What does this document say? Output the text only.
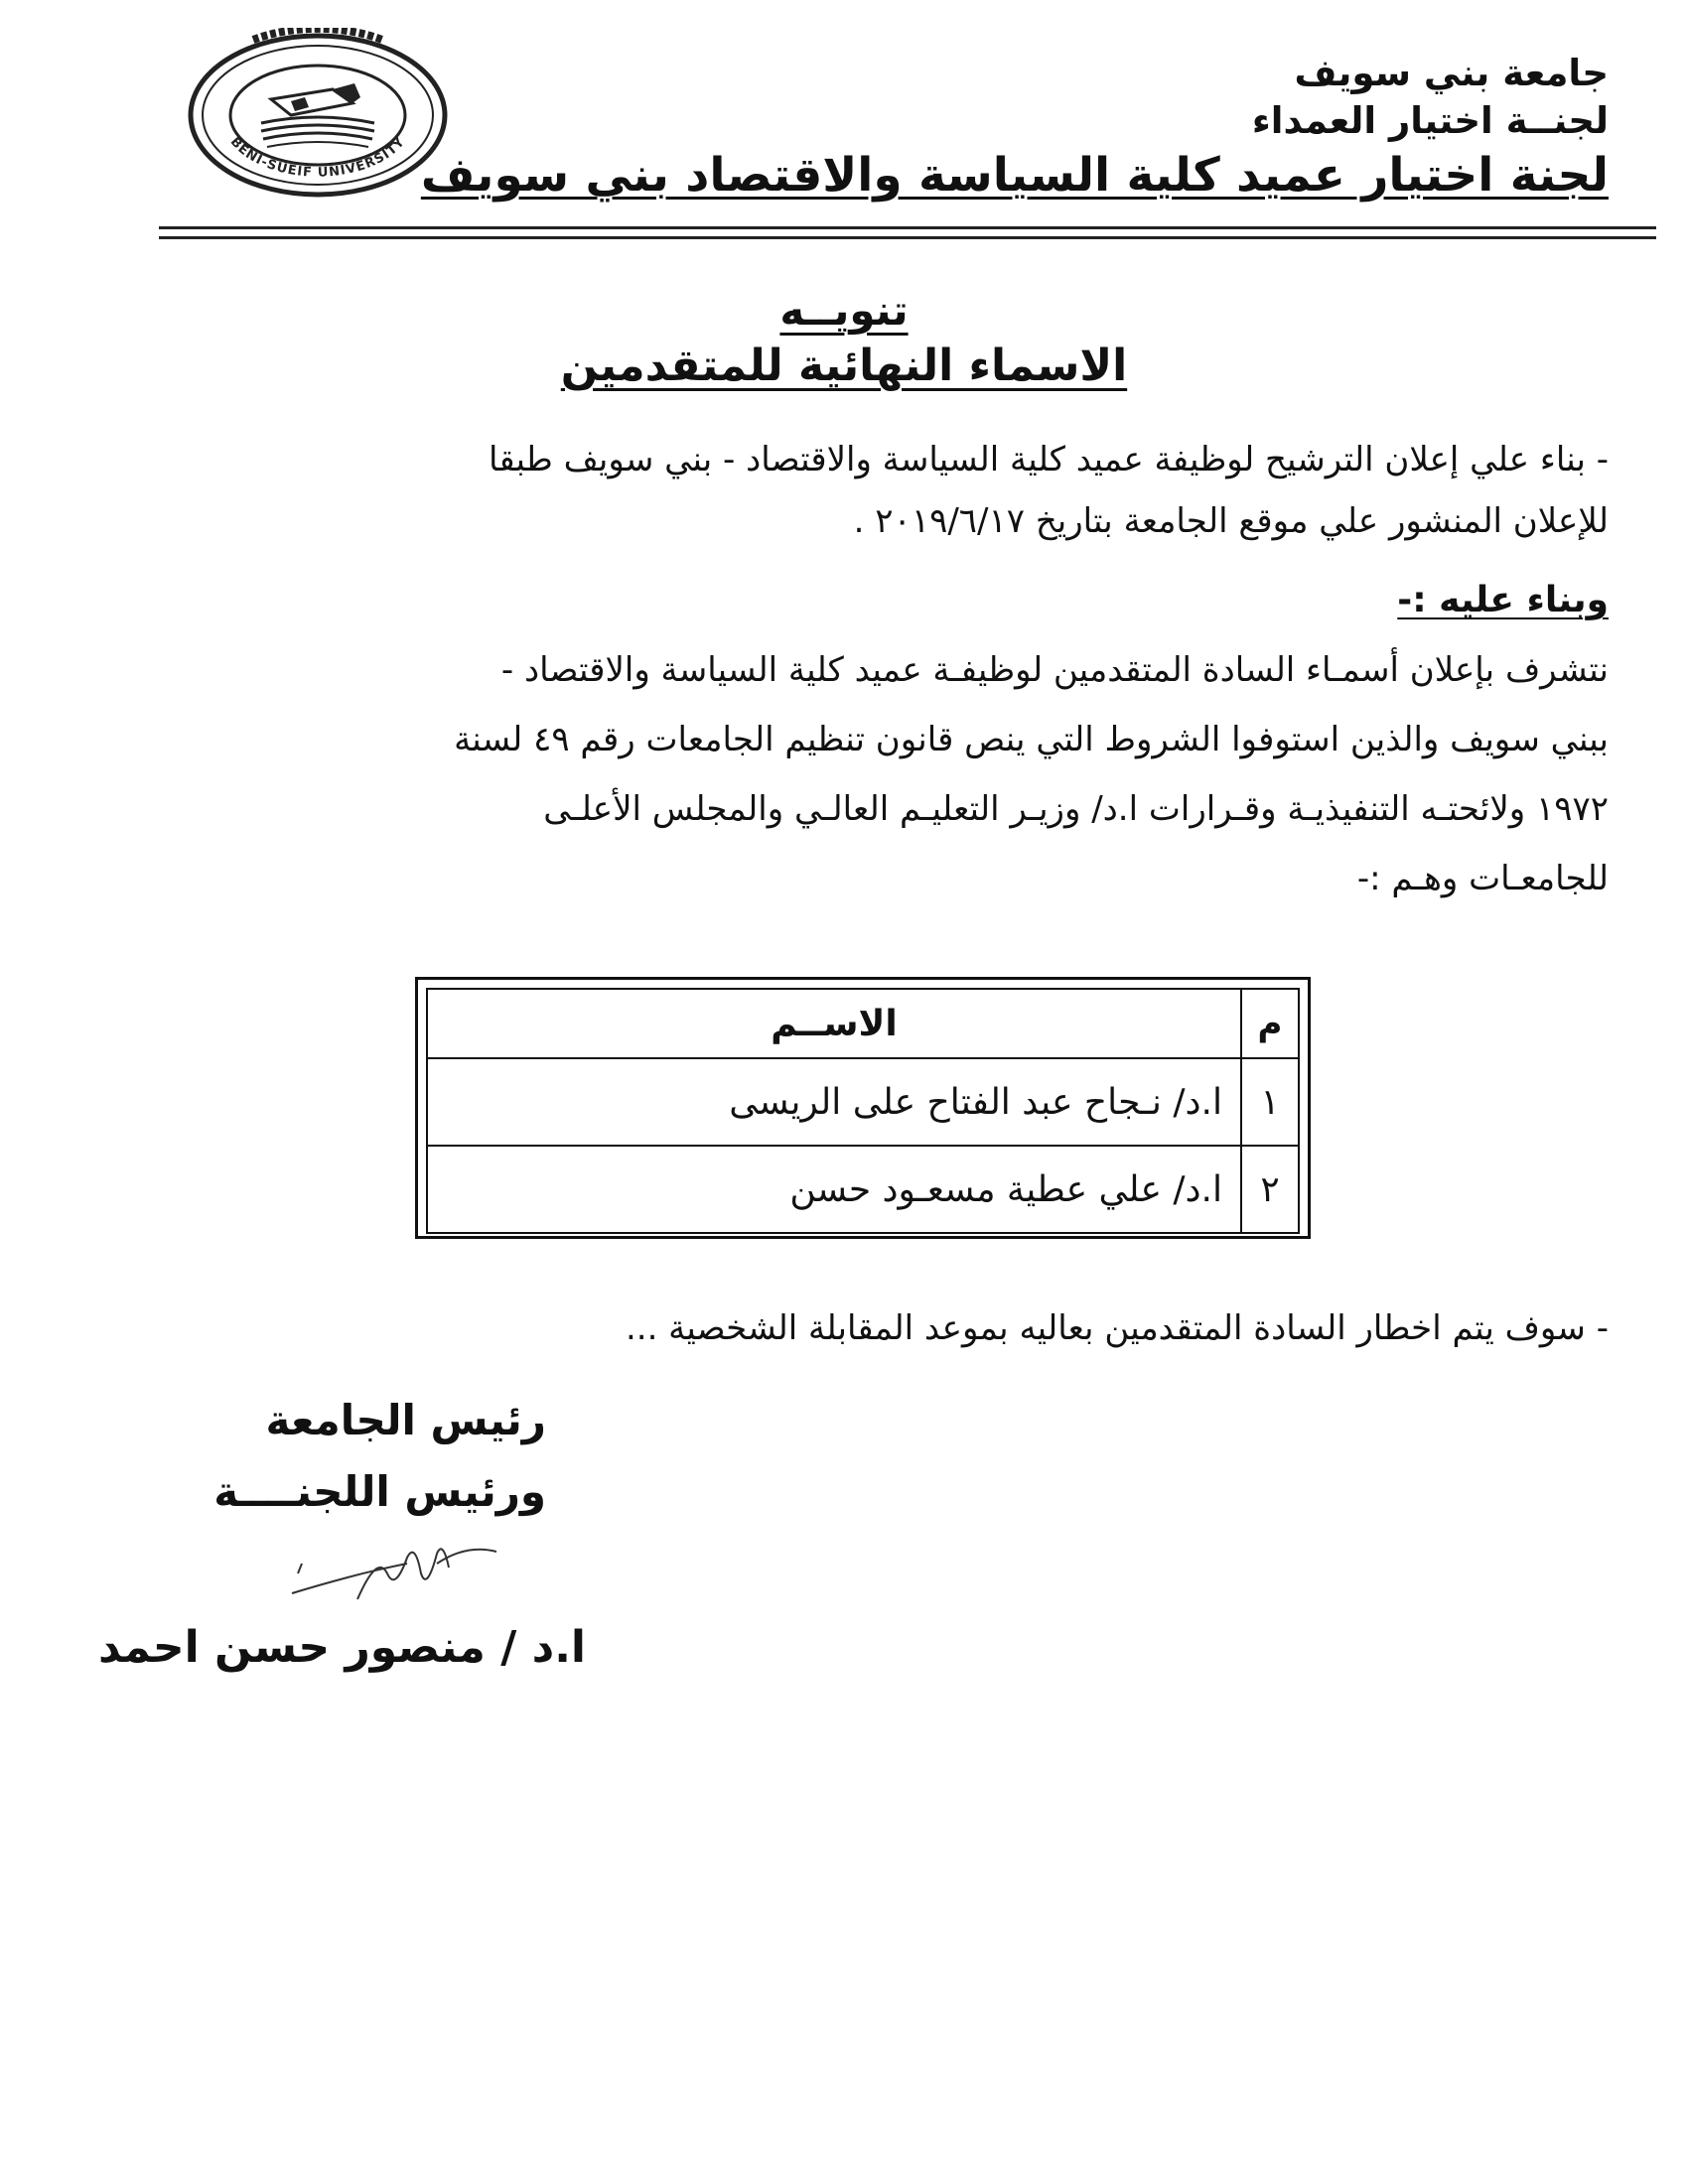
BENI-SUEIF UNIVERSITY
جامعة بني سويف
لجنــة اختيار العمداء
لجنة اختيار عميد كلية السياسة والاقتصاد بني سويف
تنويــه
الاسماء النهائية للمتقدمين
- بناء علي إعلان الترشيح لوظيفة عميد كلية السياسة والاقتصاد - بني سويف طبقا
للإعلان المنشور علي موقع الجامعة بتاريخ ٢٠١٩/٦/١٧ .
وبناء عليه :-
نتشرف بإعلان أسمـاء السادة المتقدمين لوظيفـة عميد كلية السياسة والاقتصاد -
ببني سويف والذين استوفوا الشروط التي ينص قانون تنظيم الجامعات رقم ٤٩ لسنة
١٩٧٢ ولائحتـه التنفيذيـة وقـرارات ا.د/ وزيـر التعليـم العالـي والمجلس الأعلـى
للجامعـات وهـم :-
م	الاســم
١	ا.د/ نـجاح عبد الفتاح على الريسى
٢	ا.د/ علي عطية مسعـود حسن
- سوف يتم اخطار السادة المتقدمين بعاليه بموعد المقابلة الشخصية ...
رئيس الجامعة
ورئيس اللجنــــة
ا.د / منصور حسن احمد
